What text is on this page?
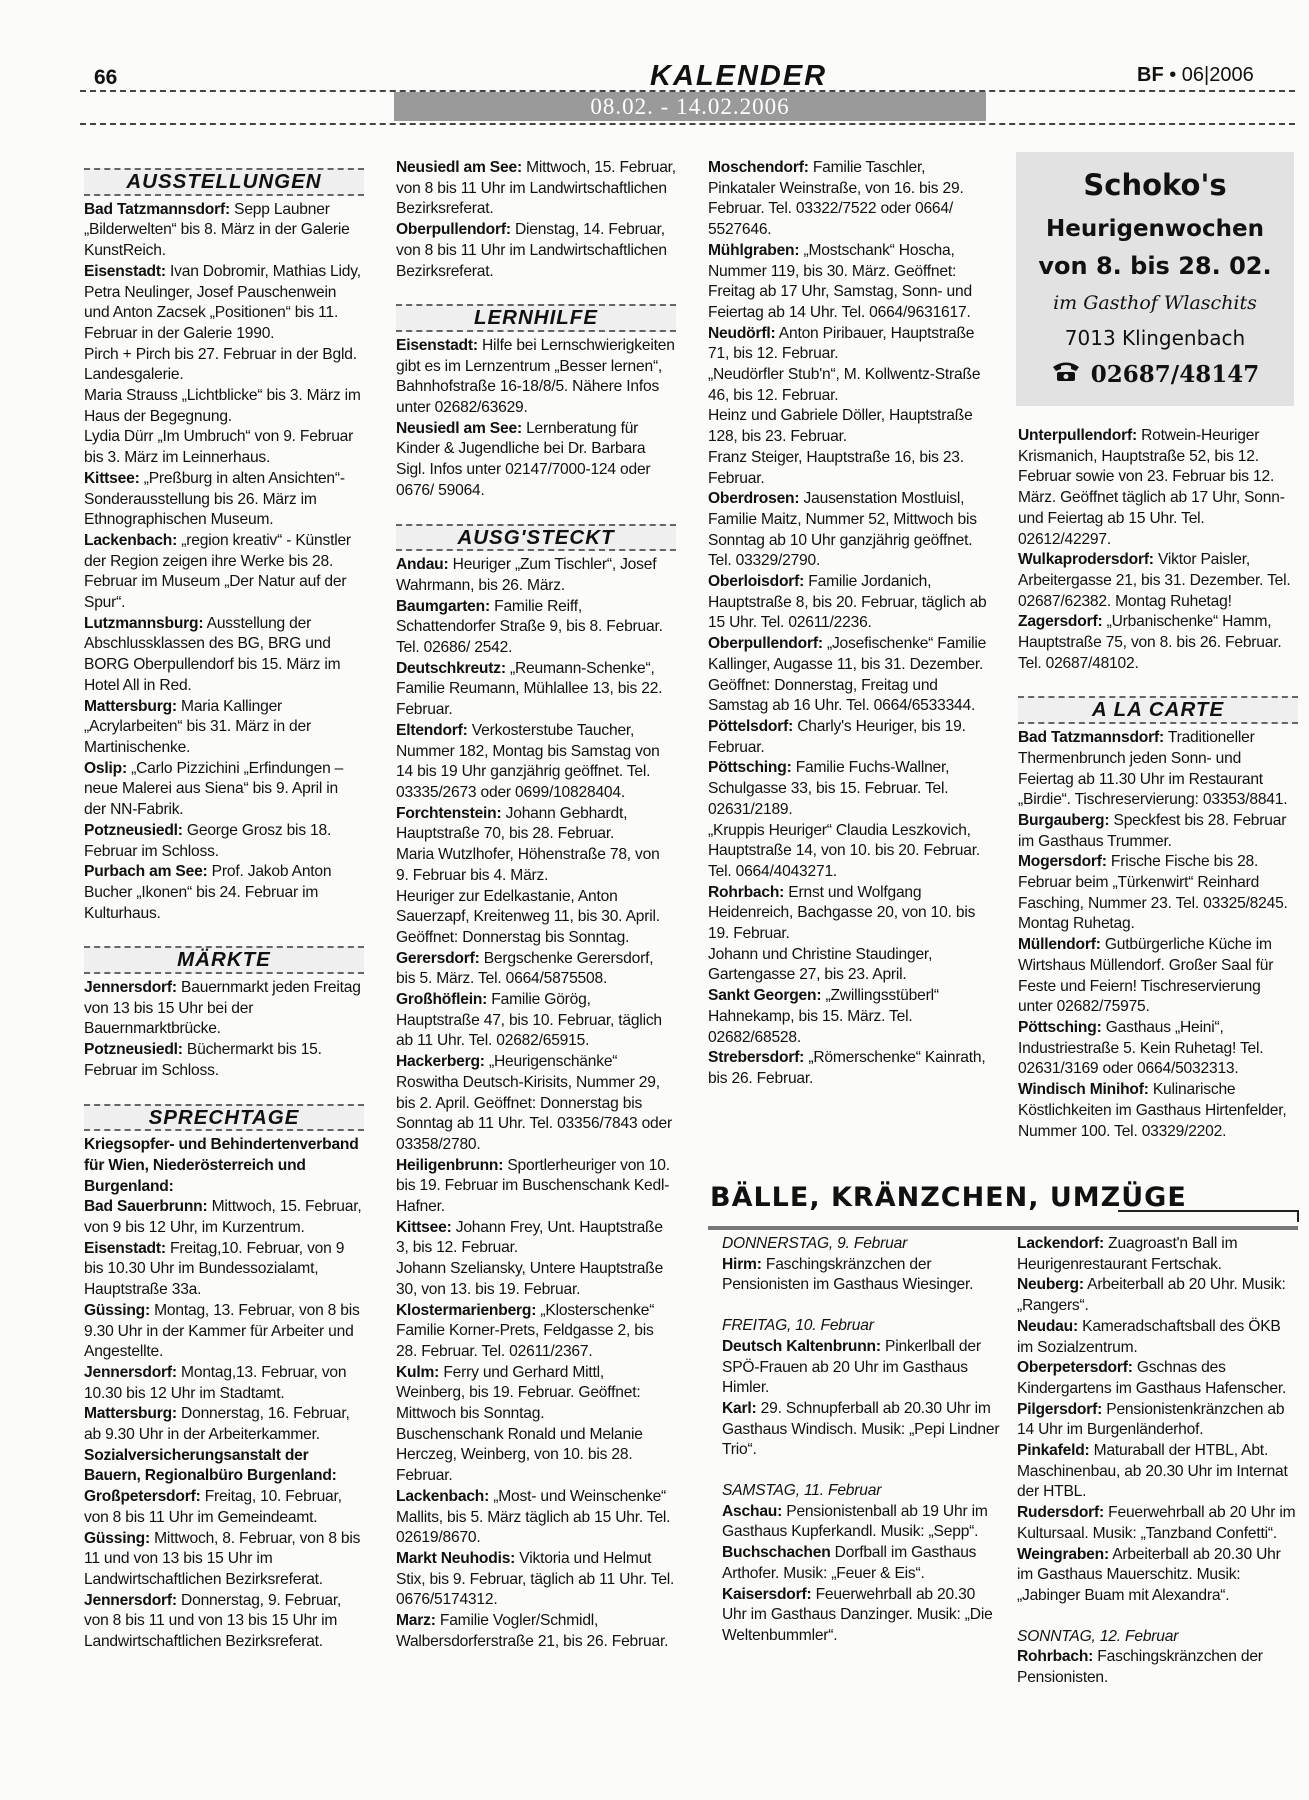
66	KALENDER	BF • 06|2006
08.02. - 14.02.2006
AUSSTELLUNGEN

Bad Tatzmannsdorf: Sepp Laubner „Bilderwelten“ bis 8. März in der Galerie KunstReich.

Eisenstadt: Ivan Dobromir, Mathias Lidy, Petra Neulinger, Josef Pauschenwein und Anton Zacsek „Positionen“ bis 11. Februar in der Galerie 1990.

Pirch + Pirch bis 27. Februar in der Bgld. Landesgalerie.

Maria Strauss „Lichtblicke“ bis 3. März im Haus der Begegnung.

Lydia Dürr „Im Umbruch“ von 9. Februar bis 3. März im Leinnerhaus.

Kittsee: „Preßburg in alten Ansichten“- Sonderausstellung bis 26. März im Ethnographischen Museum.

Lackenbach: „region kreativ“ - Künstler der Region zeigen ihre Werke bis 28. Februar im Museum „Der Natur auf der Spur“.

Lutzmannsburg: Ausstellung der Abschlussklassen des BG, BRG und BORG Oberpullendorf bis 15. März im Hotel All in Red.

Mattersburg: Maria Kallinger „Acrylarbeiten“ bis 31. März in der Martinischenke.

Oslip: „Carlo Pizzichini „Erfindungen – neue Malerei aus Siena“ bis 9. April in der NN-Fabrik.

Potzneusiedl: George Grosz bis 18. Februar im Schloss.

Purbach am See: Prof. Jakob Anton Bucher „Ikonen“ bis 24. Februar im Kulturhaus.

MÄRKTE

Jennersdorf: Bauernmarkt jeden Freitag von 13 bis 15 Uhr bei der Bauernmarktbrücke.

Potzneusiedl: Büchermarkt bis 15. Februar im Schloss.

SPRECHTAGE

Kriegsopfer- und Behindertenverband für Wien, Niederösterreich und Burgenland:

Bad Sauerbrunn: Mittwoch, 15. Februar, von 9 bis 12 Uhr, im Kurzentrum.

Eisenstadt: Freitag,10. Februar, von 9 bis 10.30 Uhr im Bundessozialamt, Hauptstraße 33a.

Güssing: Montag, 13. Februar, von 8 bis 9.30 Uhr in der Kammer für Arbeiter und Angestellte.

Jennersdorf: Montag,13. Februar, von 10.30 bis 12 Uhr im Stadtamt.

Mattersburg: Donnerstag, 16. Februar, ab 9.30 Uhr in der Arbeiterkammer.

Sozialversicherungsanstalt der Bauern, Regionalbüro Burgenland:

Großpetersdorf: Freitag, 10. Februar, von 8 bis 11 Uhr im Gemeindeamt.

Güssing: Mittwoch, 8. Februar, von 8 bis 11 und von 13 bis 15 Uhr im Landwirtschaftlichen Bezirksreferat.

Jennersdorf: Donnerstag, 9. Februar, von 8 bis 11 und von 13 bis 15 Uhr im Landwirtschaftlichen Bezirksreferat.

Neusiedl am See: Mittwoch, 15. Februar, von 8 bis 11 Uhr im Landwirtschaftlichen Bezirksreferat.

Oberpullendorf: Dienstag, 14. Februar, von 8 bis 11 Uhr im Landwirtschaftlichen Bezirksreferat.

LERNHILFE

Eisenstadt: Hilfe bei Lernschwierigkeiten gibt es im Lernzentrum „Besser lernen“, Bahnhofstraße 16-18/8/5. Nähere Infos unter 02682/63629.

Neusiedl am See: Lernberatung für Kinder & Jugendliche bei Dr. Barbara Sigl. Infos unter 02147/7000-124 oder 0676/ 59064.

AUSG'STECKT

Andau: Heuriger „Zum Tischler“, Josef Wahrmann, bis 26. März.

Baumgarten: Familie Reiff, Schattendorfer Straße 9, bis 8. Februar. Tel. 02686/ 2542.

Deutschkreutz: „Reumann-Schenke“, Familie Reumann, Mühlallee 13, bis 22. Februar.

Eltendorf: Verkosterstube Taucher, Nummer 182, Montag bis Samstag von 14 bis 19 Uhr ganzjährig geöffnet. Tel. 03335/2673 oder 0699/10828404.

Forchtenstein: Johann Gebhardt, Hauptstraße 70, bis 28. Februar.

Maria Wutzlhofer, Höhenstraße 78, von 9. Februar bis 4. März.

Heuriger zur Edelkastanie, Anton Sauerzapf, Kreitenweg 11, bis 30. April. Geöffnet: Donnerstag bis Sonntag.

Gerersdorf: Bergschenke Gerersdorf, bis 5. März. Tel. 0664/5875508.

Großhöflein: Familie Görög, Hauptstraße 47, bis 10. Februar, täglich ab 11 Uhr. Tel. 02682/65915.

Hackerberg: „Heurigenschänke“ Roswitha Deutsch-Kirisits, Nummer 29, bis 2. April. Geöffnet: Donnerstag bis Sonntag ab 11 Uhr. Tel. 03356/7843 oder 03358/2780.

Heiligenbrunn: Sportlerheuriger von 10. bis 19. Februar im Buschenschank Kedl-Hafner.

Kittsee: Johann Frey, Unt. Hauptstraße 3, bis 12. Februar.

Johann Szeliansky, Untere Hauptstraße 30, von 13. bis 19. Februar.

Klostermarienberg: „Klosterschenke“ Familie Korner-Prets, Feldgasse 2, bis 28. Februar. Tel. 02611/2367.

Kulm: Ferry und Gerhard Mittl, Weinberg, bis 19. Februar. Geöffnet: Mittwoch bis Sonntag.

Buschenschank Ronald und Melanie Herczeg, Weinberg, von 10. bis 28. Februar.

Lackenbach: „Most- und Weinschenke“ Mallits, bis 5. März täglich ab 15 Uhr. Tel. 02619/8670.

Markt Neuhodis: Viktoria und Helmut Stix, bis 9. Februar, täglich ab 11 Uhr. Tel. 0676/5174312.

Marz: Familie Vogler/Schmidl, Walbersdorferstraße 21, bis 26. Februar.

Moschendorf: Familie Taschler, Pinkataler Weinstraße, von 16. bis 29. Februar. Tel. 03322/7522 oder 0664/ 5527646.

Mühlgraben: „Mostschank“ Hoscha, Nummer 119, bis 30. März. Geöffnet: Freitag ab 17 Uhr, Samstag, Sonn- und Feiertag ab 14 Uhr. Tel. 0664/9631617.

Neudörfl: Anton Piribauer, Hauptstraße 71, bis 12. Februar.

„Neudörfler Stub'n“, M. Kollwentz-Straße 46, bis 12. Februar.

Heinz und Gabriele Döller, Hauptstraße 128, bis 23. Februar.

Franz Steiger, Hauptstraße 16, bis 23. Februar.

Oberdrosen: Jausenstation Mostluisl, Familie Maitz, Nummer 52, Mittwoch bis Sonntag ab 10 Uhr ganzjährig geöffnet. Tel. 03329/2790.

Oberloisdorf: Familie Jordanich, Hauptstraße 8, bis 20. Februar, täglich ab 15 Uhr. Tel. 02611/2236.

Oberpullendorf: „Josefischenke“ Familie Kallinger, Augasse 11, bis 31. Dezember. Geöffnet: Donnerstag, Freitag und Samstag ab 16 Uhr. Tel. 0664/6533344.

Pöttelsdorf: Charly's Heuriger, bis 19. Februar.

Pöttsching: Familie Fuchs-Wallner, Schulgasse 33, bis 15. Februar. Tel. 02631/2189.

„Kruppis Heuriger“ Claudia Leszkovich, Hauptstraße 14, von 10. bis 20. Februar. Tel. 0664/4043271.

Rohrbach: Ernst und Wolfgang Heidenreich, Bachgasse 20, von 10. bis 19. Februar.

Johann und Christine Staudinger, Gartengasse 27, bis 23. April.

Sankt Georgen: „Zwillingsstüberl“ Hahnekamp, bis 15. März. Tel. 02682/68528.

Strebersdorf: „Römerschenke“ Kainrath, bis 26. Februar.

Schoko's
Heurigenwochen
von 8. bis 28. 02.
im Gasthof Wlaschits
7013 Klingenbach
02687/48147

Unterpullendorf: Rotwein-Heuriger Krismanich, Hauptstraße 52, bis 12. Februar sowie von 23. Februar bis 12. März. Geöffnet täglich ab 17 Uhr, Sonn- und Feiertag ab 15 Uhr. Tel. 02612/42297.

Wulkaprodersdorf: Viktor Paisler, Arbeitergasse 21, bis 31. Dezember. Tel. 02687/62382. Montag Ruhetag!

Zagersdorf: „Urbanischenke“ Hamm, Hauptstraße 75, von 8. bis 26. Februar. Tel. 02687/48102.

A LA CARTE

Bad Tatzmannsdorf: Traditioneller Thermenbrunch jeden Sonn- und Feiertag ab 11.30 Uhr im Restaurant „Birdie“. Tischreservierung: 03353/8841.

Burgauberg: Speckfest bis 28. Februar im Gasthaus Trummer.

Mogersdorf: Frische Fische bis 28. Februar beim „Türkenwirt“ Reinhard Fasching, Nummer 23. Tel. 03325/8245. Montag Ruhetag.

Müllendorf: Gutbürgerliche Küche im Wirtshaus Müllendorf. Großer Saal für Feste und Feiern! Tischreservierung unter 02682/75975.

Pöttsching: Gasthaus „Heini“, Industriestraße 5. Kein Ruhetag! Tel. 02631/3169 oder 0664/5032313.

Windisch Minihof: Kulinarische Köstlichkeiten im Gasthaus Hirtenfelder, Nummer 100. Tel. 03329/2202.

BÄLLE, KRÄNZCHEN, UMZÜGE

DONNERSTAG, 9. Februar

Hirm: Faschingskränzchen der Pensionisten im Gasthaus Wiesinger.

FREITAG, 10. Februar

Deutsch Kaltenbrunn: Pinkerlball der SPÖ-Frauen ab 20 Uhr im Gasthaus Himler.

Karl: 29. Schnupferball ab 20.30 Uhr im Gasthaus Windisch. Musik: „Pepi Lindner Trio“.

SAMSTAG, 11. Februar

Aschau: Pensionistenball ab 19 Uhr im Gasthaus Kupferkandl. Musik: „Sepp“.

Buchschachen Dorfball im Gasthaus Arthofer. Musik: „Feuer & Eis“.

Kaisersdorf: Feuerwehrball ab 20.30 Uhr im Gasthaus Danzinger. Musik: „Die Weltenbummler“.

Lackendorf: Zuagroast'n Ball im Heurigenrestaurant Fertschak.

Neuberg: Arbeiterball ab 20 Uhr. Musik: „Rangers“.

Neudau: Kameradschaftsball des ÖKB im Sozialzentrum.

Oberpetersdorf: Gschnas des Kindergartens im Gasthaus Hafenscher.

Pilgersdorf: Pensionistenkränzchen ab 14 Uhr im Burgenländerhof.

Pinkafeld: Maturaball der HTBL, Abt. Maschinenbau, ab 20.30 Uhr im Internat der HTBL.

Rudersdorf: Feuerwehrball ab 20 Uhr im Kultursaal. Musik: „Tanzband Confetti“.

Weingraben: Arbeiterball ab 20.30 Uhr im Gasthaus Mauerschitz. Musik: „Jabinger Buam mit Alexandra“.

SONNTAG, 12. Februar

Rohrbach: Faschingskränzchen der Pensionisten.
